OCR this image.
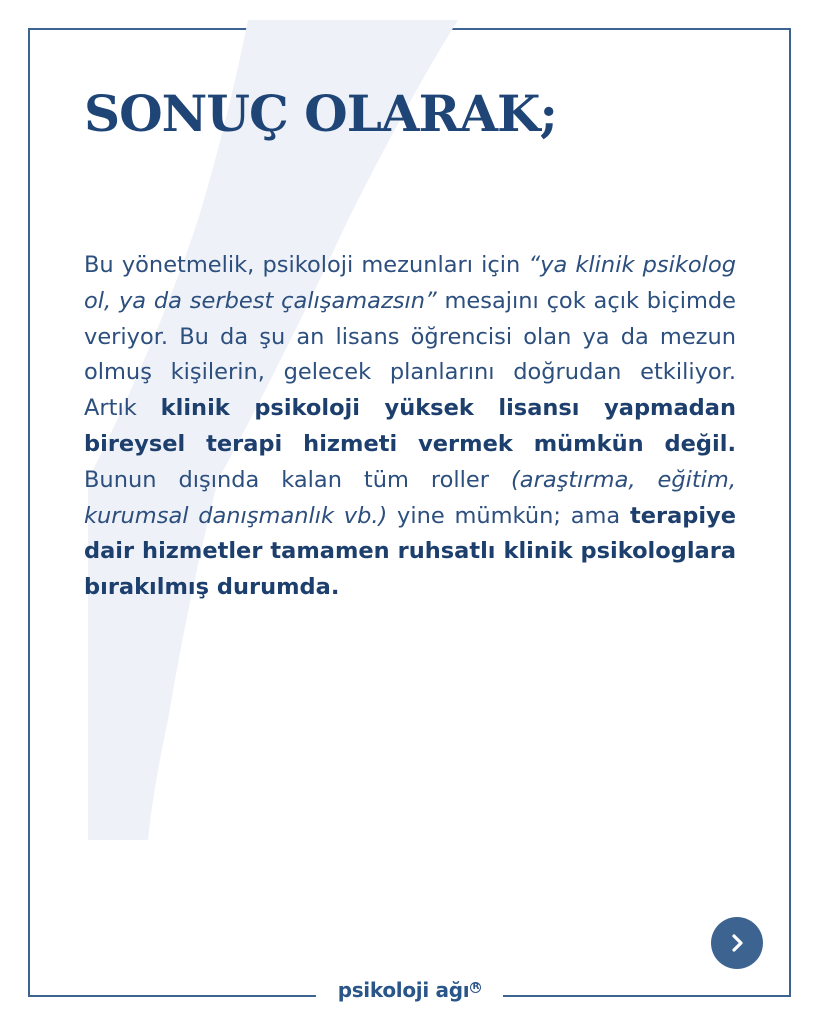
SONUÇ OLARAK;

Bu yönetmelik, psikoloji mezunları için “ya klinik psikolog ol, ya da serbest çalışamazsın” mesajını çok açık biçimde veriyor. Bu da şu an lisans öğrencisi olan ya da mezun olmuş kişilerin, gelecek planlarını doğrudan etkiliyor. Artık klinik psikoloji yüksek lisansı yapmadan bireysel terapi hizmeti vermek mümkün değil. Bunun dışında kalan tüm roller (araştırma, eğitim, kurumsal danışmanlık vb.) yine mümkün; ama terapiye dair hizmetler tamamen ruhsatlı klinik psikologlara bırakılmış durumda.

psikoloji ağı R
